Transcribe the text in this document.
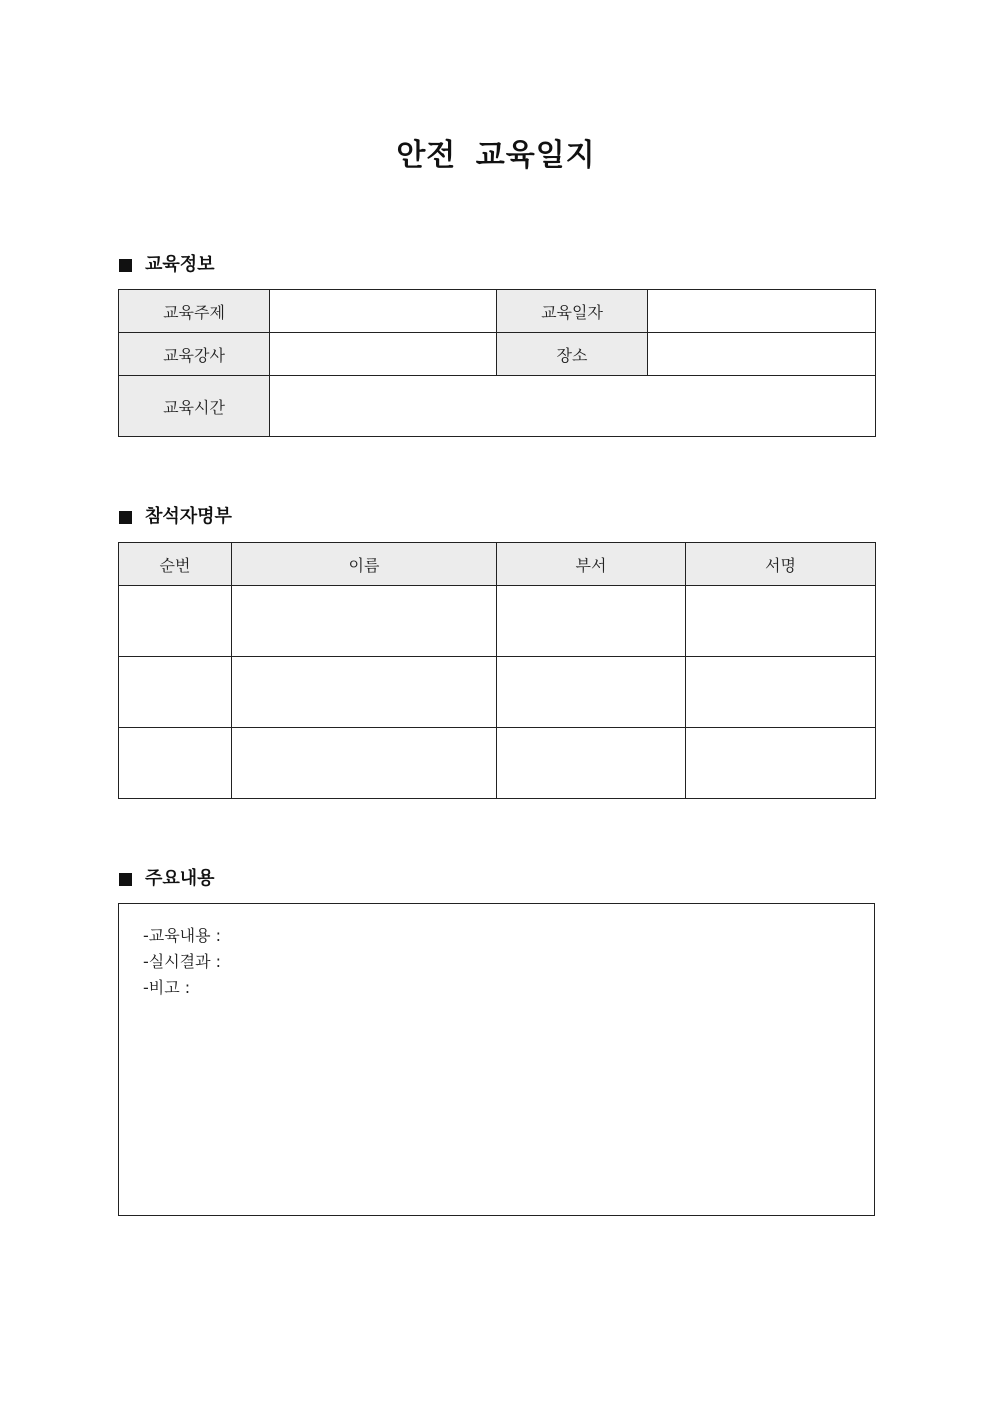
안전 교육일지
교육정보
교육주제		교육일자	
교육강사		장소	
교육시간			
참석자명부
순번	이름	부서	서명

주요내용
-교육내용 :
-실시결과 :
-비고 :
